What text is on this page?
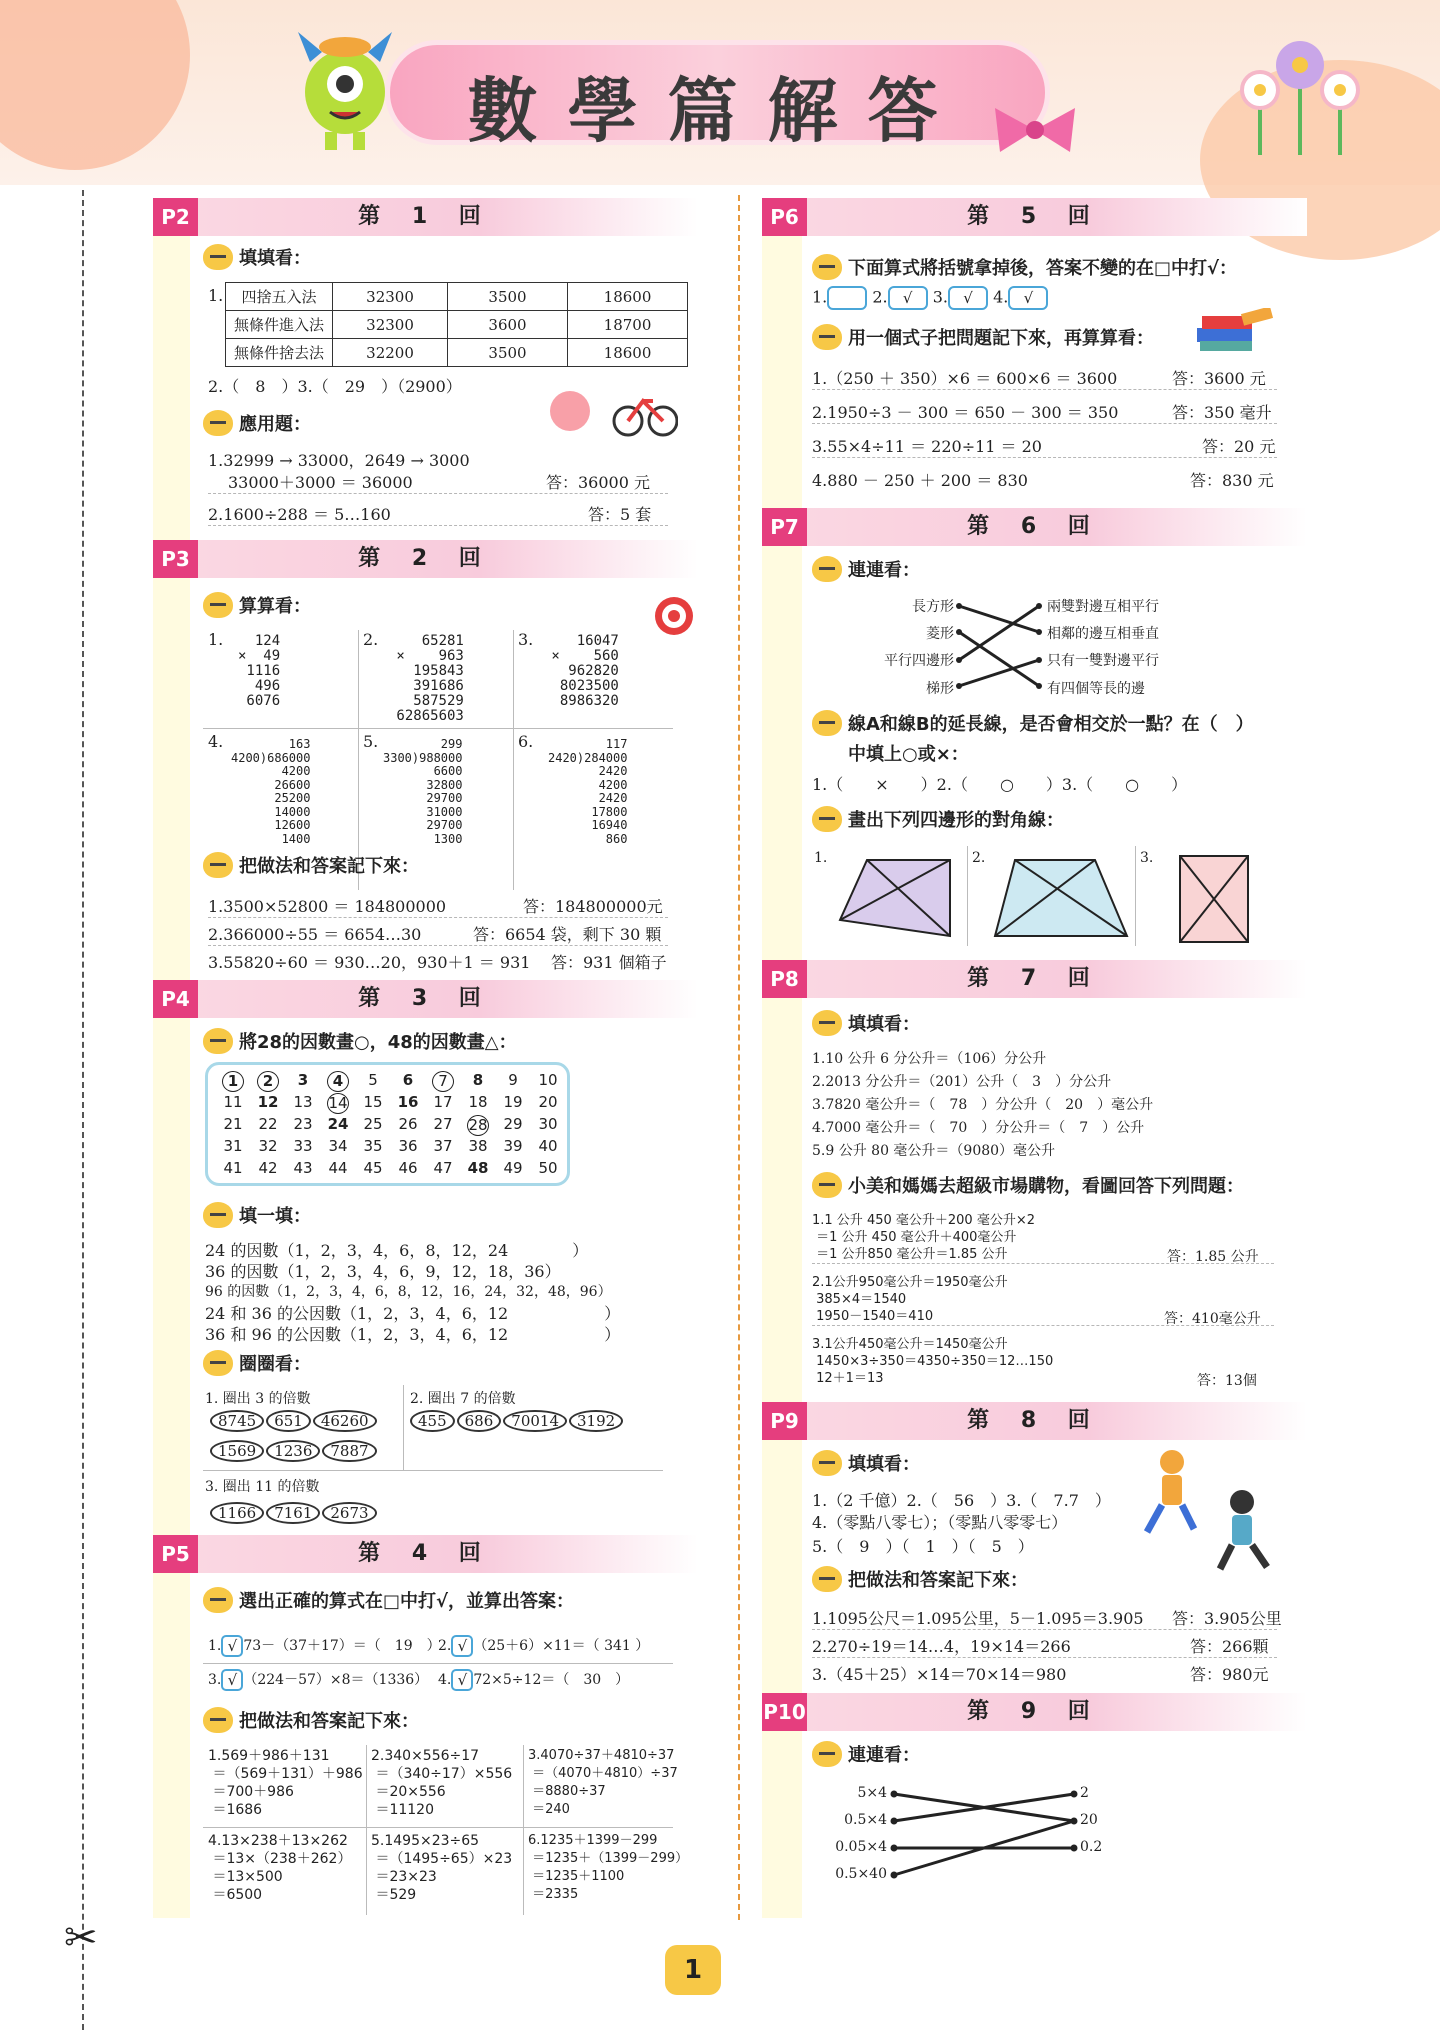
數學篇解答
✂
P2	第 1 回
填填看：
1. 四捨五入法	32300	3500	18600
無條件進入法	32300	3600	18700
無條件捨去法	32200	3500	18600
2.（　8　）3.（　29　）（2900）
應用題：
1.32999 → 33000，2649 → 3000
33000＋3000 ＝ 36000	答：36000 元
2.1600÷288 ＝ 5…160	答：5 套
P3	第 2 回
算算看：
1.	124
×  49
1116
496
6076
2.	65281
×    963
195843
391686
587529
62865603
3.	16047
×    560
962820
8023500
8986320
4.	163
4200)686000
4200
26600
25200
14000
12600
1400
5.	299
3300)988000
6600
32800
29700
31000
29700
1300
6.	117
2420)284000
2420
4200
2420
17800
16940
860
把做法和答案記下來：
1.3500×52800 ＝ 184800000	答：184800000元
2.366000÷55 ＝ 6654…30	答：6654 袋，剩下 30 顆
3.55820÷60 ＝ 930…20，930＋1 ＝ 931 答：931 個箱子
P4	第 3 回
將28的因數畫○，48的因數畫△：
1	2	3	4	5	6	7	8	9	10
11	12	13	14	15	16	17	18	19	20
21	22	23	24	25	26	27	28	29	30
31	32	33	34	35	36	37	38	39	40
41	42	43	44	45	46	47	48	49	50
填一填：
24 的因數（1，2，3，4，6，8，12，24　　　　）
36 的因數（1，2，3，4，6，9，12，18，36）
96 的因數（1，2，3，4，6，8，12，16，24，32，48，96）
24 和 36 的公因數（1，2，3，4，6，12　　　　　　）
36 和 96 的公因數（1，2，3，4，6，12　　　　　　）
圈圈看：
1. 圈出 3 的倍數
8745 651 46260
1569 1236 7887
2. 圈出 7 的倍數
455 686 70014 3192
3. 圈出 11 的倍數
1166 7161 2673
P5	第 4 回
選出正確的算式在□中打√，並算出答案：
1. √ 73－（37＋17）＝（　19　）
2. √ （25＋6）×11＝（ 341 ）
3. √ （224－57）×8＝（1336） 4. √ 72×5÷12＝（　30　）
把做法和答案記下來：
1.569＋986＋131
＝（569＋131）＋986
＝700＋986
＝1686
2.340×556÷17
＝（340÷17）×556
＝20×556
＝11120
3.4070÷37＋4810÷37
＝（4070＋4810）÷37
＝8880÷37
＝240
4.13×238＋13×262
＝13×（238＋262）
＝13×500
＝6500
5.1495×23÷65
＝（1495÷65）×23
＝23×23
＝529
6.1235＋1399－299
＝1235＋（1399－299）
＝1235＋1100
＝2335
P6	第 5 回
下面算式將括號拿掉後，答案不變的在□中打√：
1.	2. √ 3. √ 4. √
用一個式子把問題記下來，再算算看：
1.（250 ＋ 350）×6 ＝ 600×6 ＝ 3600	答：3600 元
2.1950÷3 － 300 ＝ 650 － 300 ＝ 350	答：350 毫升
3.55×4÷11 ＝ 220÷11 ＝ 20	答：20 元
4.880 － 250 ＋ 200 ＝ 830	答：830 元
P7	第 6 回
連連看：
長方形
菱形
平行四邊形
梯形
兩雙對邊互相平行
相鄰的邊互相垂直
只有一雙對邊平行
有四個等長的邊
線A和線B的延長線，是否會相交於一點？在（　）
中填上○或×：
1.（　　×　　）2.（　　○　　）3.（　　○　　）
畫出下列四邊形的對角線：
1.	2.	3.
P8	第 7 回
填填看：
1.10 公升 6 分公升＝（106）分公升
2.2013 分公升＝（201）公升（　3　）分公升
3.7820 毫公升＝（　78　）分公升（　20　）毫公升
4.7000 毫公升＝（　70　）分公升＝（　7　）公升
5.9 公升 80 毫公升＝（9080）毫公升
小美和媽媽去超級市場購物，看圖回答下列問題：
1.1 公升 450 毫公升＋200 毫公升×2
＝1 公升 450 毫公升＋400毫公升
＝1 公升850 毫公升＝1.85 公升	答：1.85 公升
2.1公升950毫公升＝1950毫公升
385×4＝1540
1950－1540＝410	答：410毫公升
3.1公升450毫公升＝1450毫公升
1450×3÷350＝4350÷350＝12…150
12＋1＝13	答：13個
P9	第 8 回
填填看：
1.（2 千億）2.（　56　）3.（　7.7　）
4.（零點八零七）；（零點八零零七）
5.（　9　）（　1　）（　5　）
把做法和答案記下來：
1.1095公尺＝1.095公里，5－1.095＝3.905	答：3.905公里
2.270÷19＝14…4，19×14＝266	答：266顆
3.（45＋25）×14＝70×14＝980	答：980元
P10	第 9 回
連連看：
5×4
0.5×4
0.05×4
0.5×40
2
20
0.2
1
